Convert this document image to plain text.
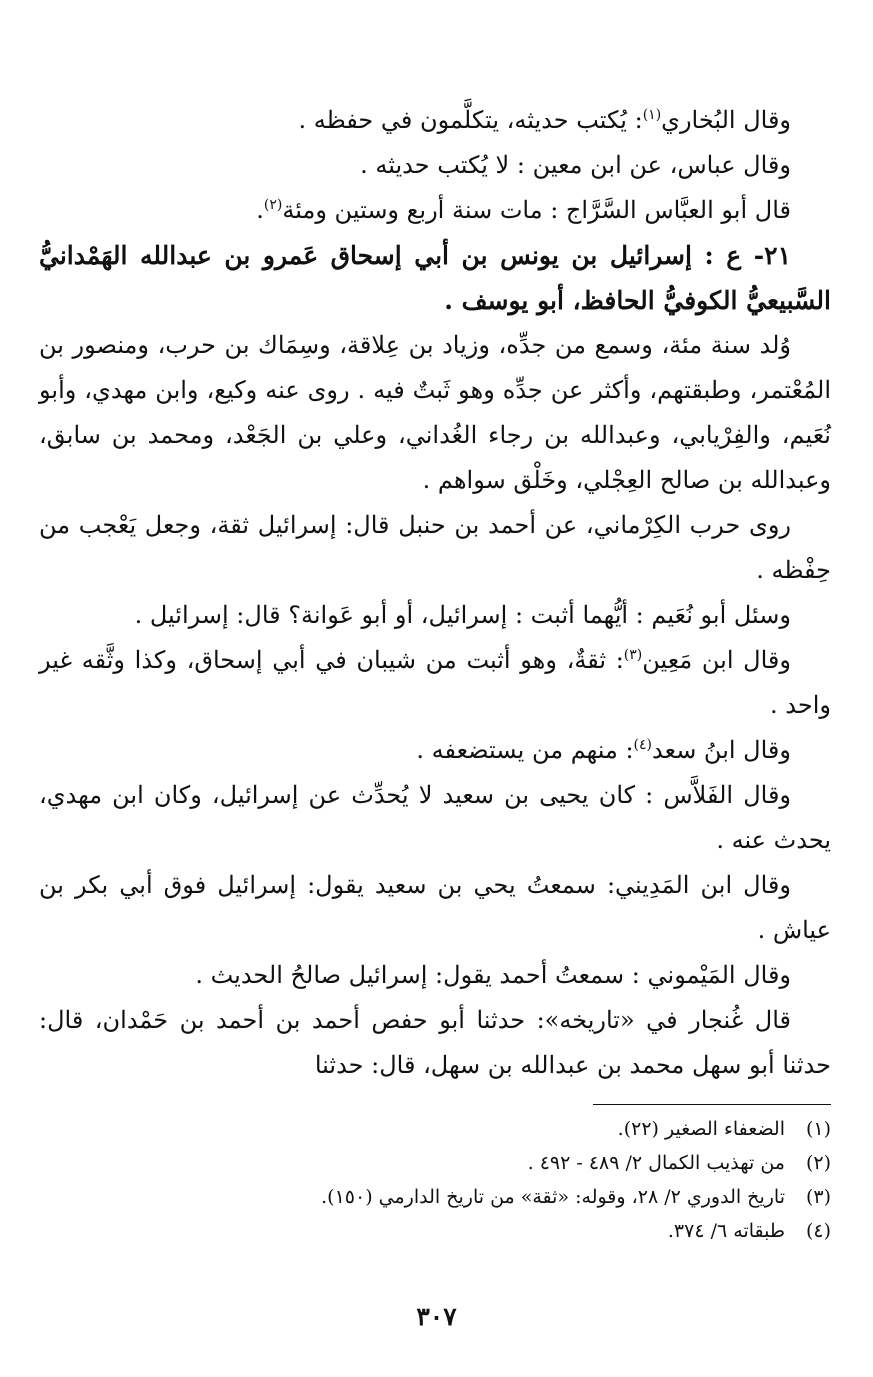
وقال البُخاري$^{(١)}$: يُكتب حديثه، يتكلَّمون في حفظه .

وقال عباس، عن ابن معين : لا يُكتب حديثه .

قال أبو العبَّاس السَّرَّاج : مات سنة أربع وستين ومئة$^{(٢)}$.

٢١- ع : إسرائيل بن يونس بن أبي إسحاق عَمرو بن عبدالله الهَمْدانيُّ السَّبيعيُّ الكوفيُّ الحافظ، أبو يوسف .

وُلد سنة مئة، وسمع من جدِّه، وزياد بن عِلاقة، وسِمَاك بن حرب، ومنصور بن المُعْتمر، وطبقتهم، وأكثر عن جدِّه وهو ثَبتٌ فيه . روى عنه وكيع، وابن مهدي، وأبو نُعَيم، والفِرْيابي، وعبدالله بن رجاء الغُداني، وعلي بن الجَعْد، ومحمد بن سابق، وعبدالله بن صالح العِجْلي، وخَلْق سواهم .

روى حرب الكِرْماني، عن أحمد بن حنبل قال: إسرائيل ثقة، وجعل يَعْجب من حِفْظه .

وسئل أبو نُعَيم : أيُّهما أثبت : إسرائيل، أو أبو عَوانة؟ قال: إسرائيل .

وقال ابن مَعِين$^{(٣)}$: ثقةٌ، وهو أثبت من شيبان في أبي إسحاق، وكذا وثَّقه غير واحد .

وقال ابنُ سعد$^{(٤)}$: منهم من يستضعفه .

وقال الفَلاَّس : كان يحيى بن سعيد لا يُحدِّث عن إسرائيل، وكان ابن مهدي، يحدث عنه .

وقال ابن المَدِيني: سمعتُ يحي بن سعيد يقول: إسرائيل فوق أبي بكر بن عياش .

وقال المَيْموني : سمعتُ أحمد يقول: إسرائيل صالحُ الحديث .

قال غُنجار في «تاريخه»: حدثنا أبو حفص أحمد بن أحمد بن حَمْدان، قال: حدثنا أبو سهل محمد بن عبدالله بن سهل، قال: حدثنا

(١)الضعفاء الصغير (٢٢).

(٢)من تهذيب الكمال ٢/ ٤٨٩ - ٤٩٢ .

(٣)تاريخ الدوري ٢/ ٢٨، وقوله: «ثقة» من تاريخ الدارمي (١٥٠).

(٤)طبقاته ٦/ ٣٧٤.

٣٠٧
